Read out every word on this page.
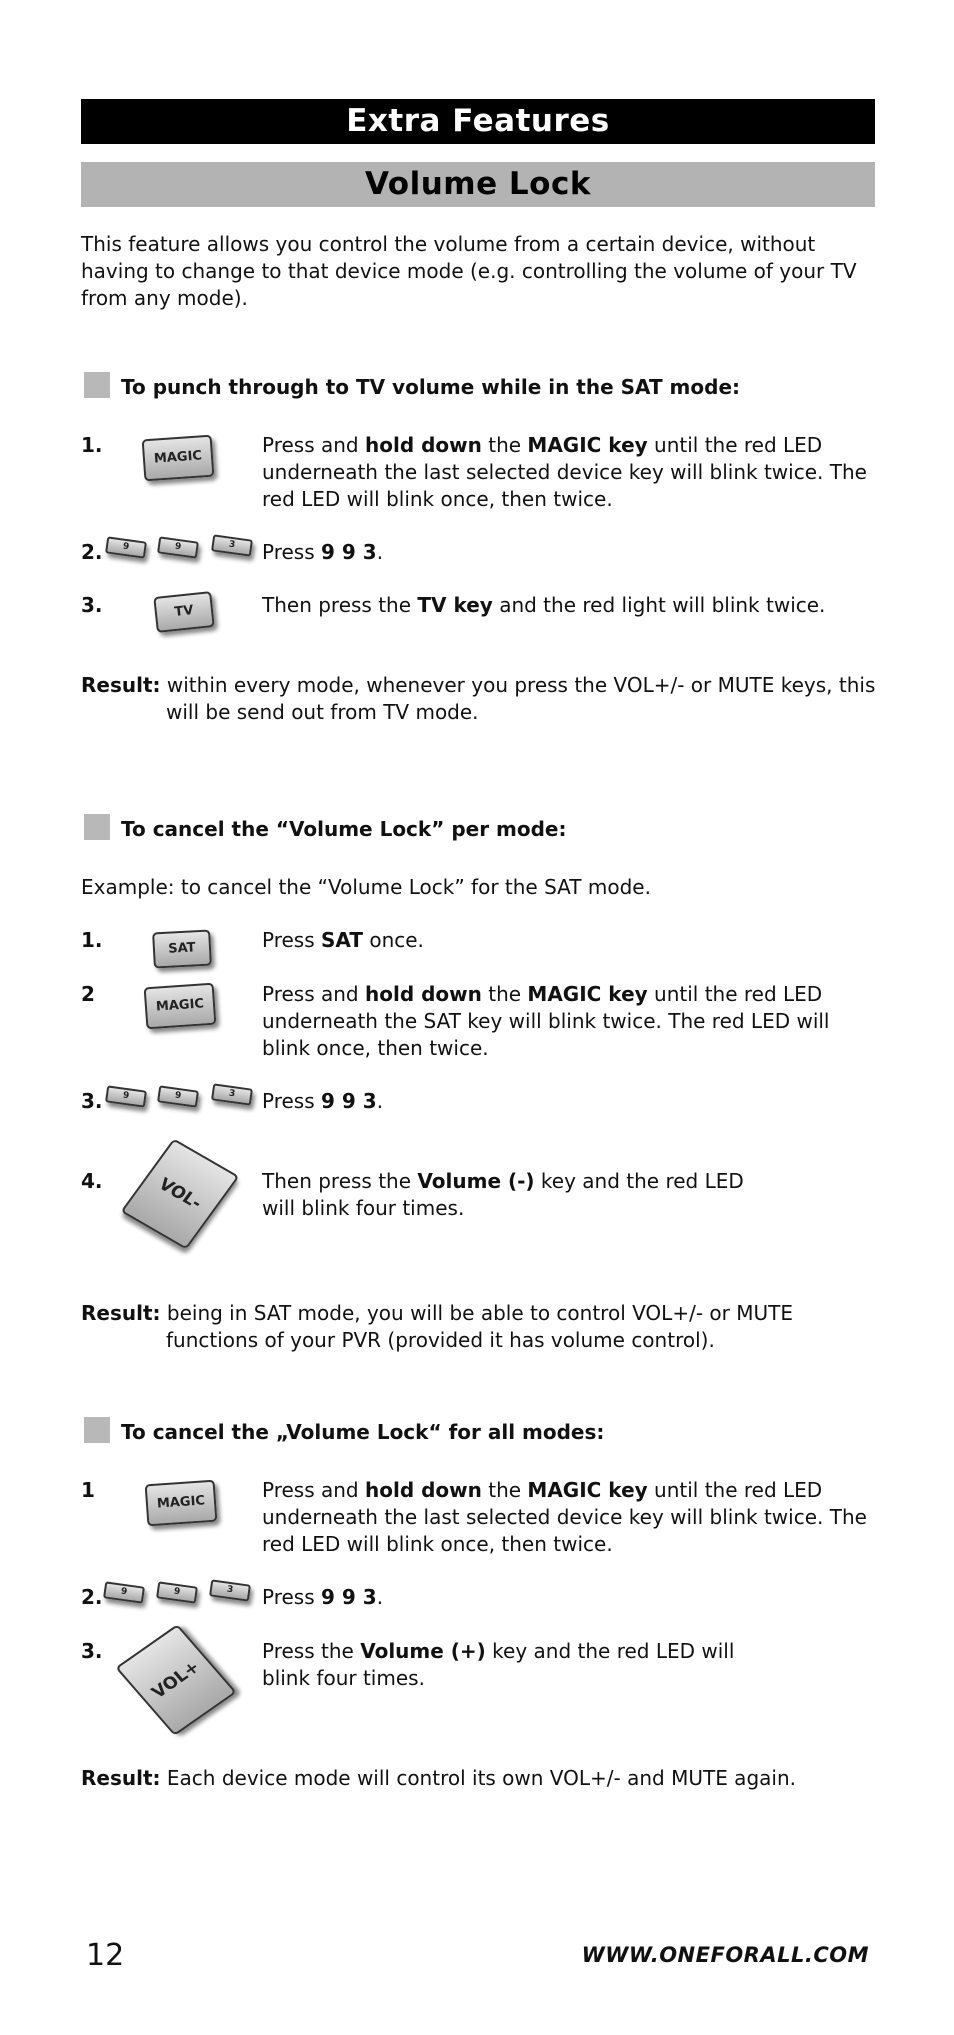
Extra Features
Volume Lock
This feature allows you control the volume from a certain device, without having to change to that device mode (e.g. controlling the volume of your TV from any mode).
To punch through to TV volume while in the SAT mode:
1.
MAGIC
Press and hold down the MAGIC key until the red LED underneath the last selected device key will blink twice. The red LED will blink once, then twice.
2.	9	9	3	Press 9 9 3.
3.	TV	Then press the TV key and the red light will blink twice.
Result: within every mode, whenever you press the VOL+/- or MUTE keys, this will be send out from TV mode.
To cancel the “Volume Lock” per mode:
Example: to cancel the “Volume Lock” for the SAT mode.
1.	SAT	Press SAT once.
2	MAGIC	Press and hold down the MAGIC key until the red LED underneath the SAT key will blink twice. The red LED will blink once, then twice.
3.	9	9	3	Press 9 9 3.
4.	VOL-	Then press the Volume (-) key and the red LED will blink four times.
Result: being in SAT mode, you will be able to control VOL+/- or MUTE functions of your PVR (provided it has volume control).
To cancel the „Volume Lock“ for all modes:
1
MAGIC
Press and hold down the MAGIC key until the red LED underneath the last selected device key will blink twice. The red LED will blink once, then twice.
2.	9	9	3	Press 9 9 3.
3.
VOL+
Press the Volume (+) key and the red LED will blink four times.
Result: Each device mode will control its own VOL+/- and MUTE again.
12	WWW.ONEFORALL.COM
